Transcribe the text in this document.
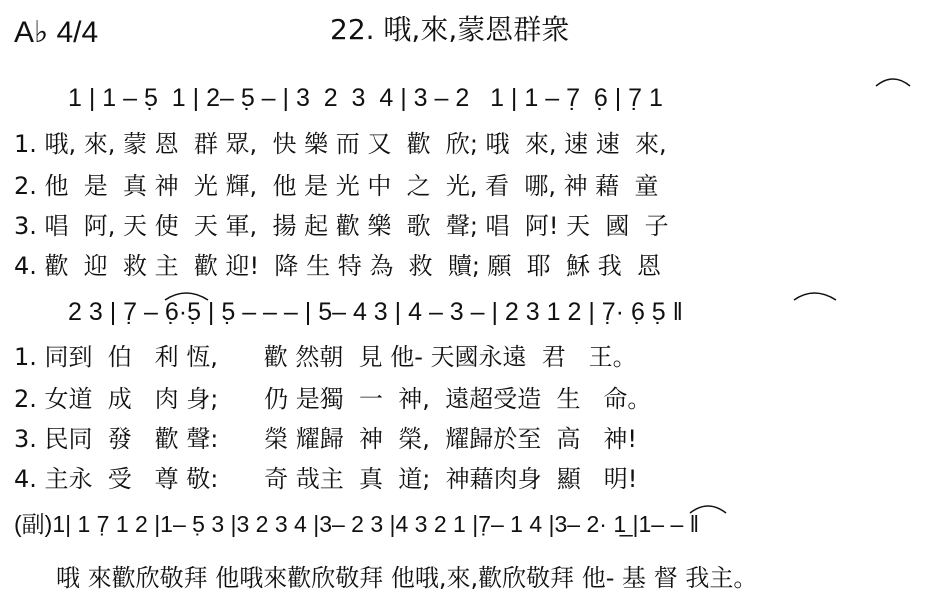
A♭ 4/4	22. 哦,來,蒙恩群衆
1 | 1 – 5̣  1 | 2– 5̣ – | 3  2  3  4 | 3 – 2   1 | 1 – 7̣  6̣ | 7̣ 1
1. 哦, 來, 蒙 恩  群 眾,  快 樂 而 又  歡  欣; 哦  來, 速 速  來,
2. 他  是  真 神  光 輝,  他 是 光 中  之  光, 看  哪, 神 藉  童
3. 唱  阿, 天 使  天 軍,  揚 起 歡 樂  歌  聲; 唱  阿! 天  國  子
4. 歡  迎  救 主  歡 迎!  降 生 特 為  救  贖; 願  耶  穌 我  恩
2 3 | 7̣ – 6̣·5̣ | 5̣ – – – | 5– 4 3 | 4 – 3 – | 2 3 1 2 | 7̣· 6̣ 5̣ ‖
1. 同到  伯   利 恆,      歡 然朝  見 他- 天國永遠  君   王。
2. 女道  成   肉 身;      仍 是獨  一  神,  遠超受造  生   命。
3. 民同  發   歡 聲:      榮 耀歸  神  榮,  耀歸於至  高   神!
4. 主永  受   尊 敬:      奇 哉主  真  道;  神藉肉身  顯   明!
(副)1| 1 7̣ 1 2 |1– 5̣ 3 |3 2 3 4 |3– 2 3 |4 3 2 1 |7̣– 1 4 |3– 2· 1̲ |1– – ‖
哦 來歡欣敬拜 他哦來歡欣敬拜 他哦,來,歡欣敬拜 他- 基 督 我主。
